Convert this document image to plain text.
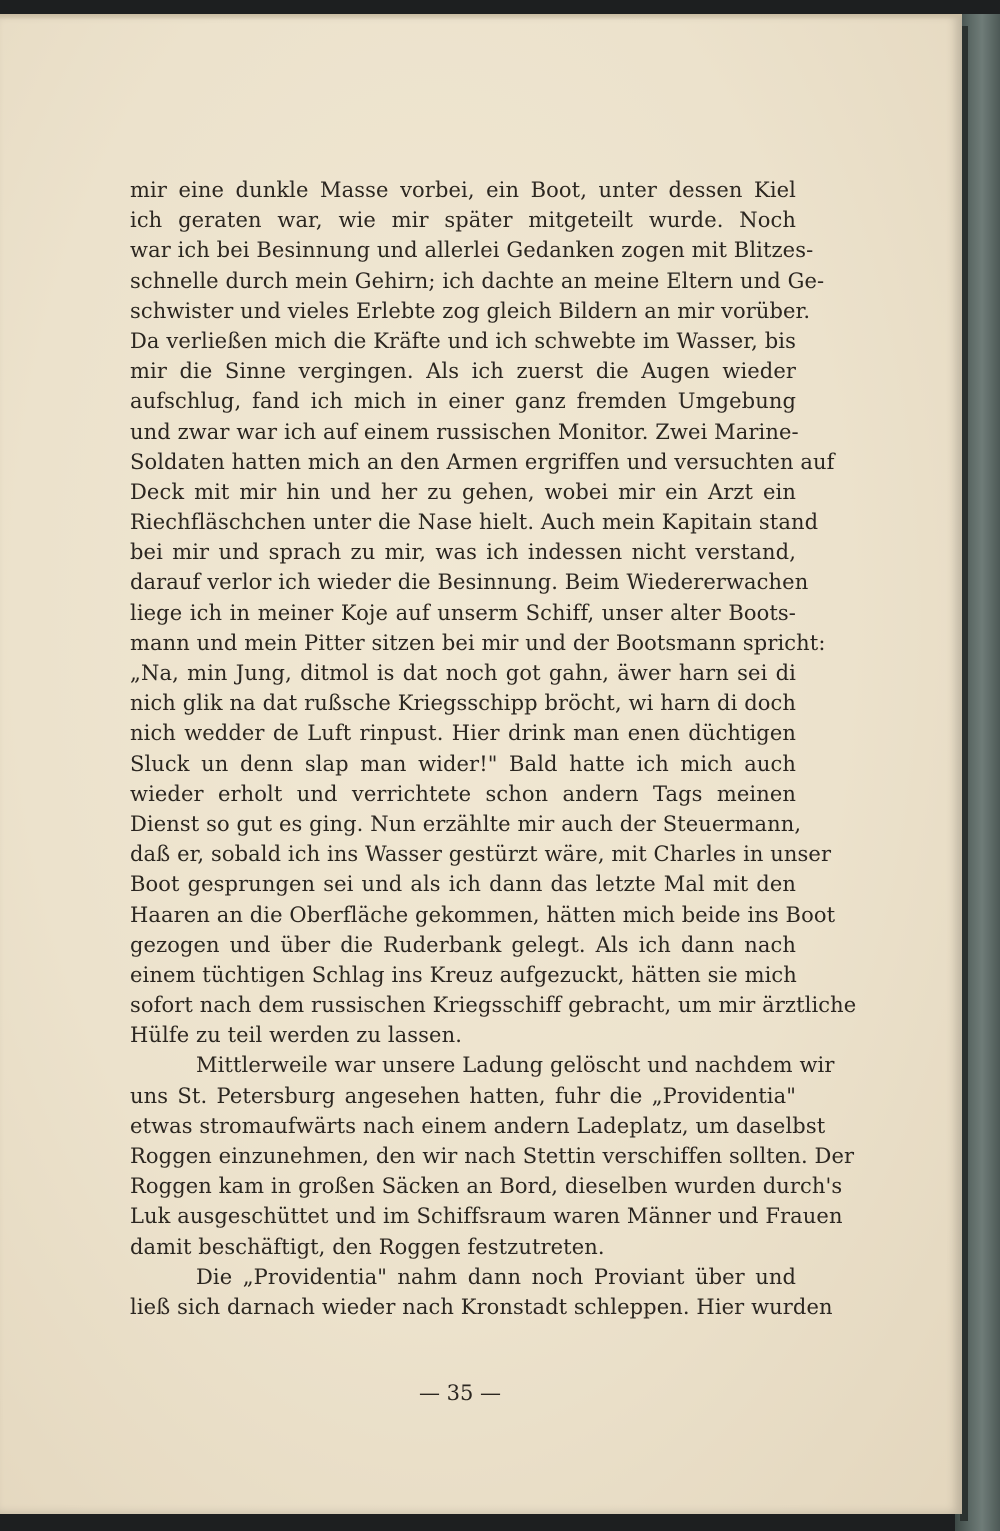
mir eine dunkle Masse vorbei, ein Boot, unter dessen Kiel
ich geraten war, wie mir später mitgeteilt wurde. Noch
war ich bei Besinnung und allerlei Gedanken zogen mit Blitzes-
schnelle durch mein Gehirn; ich dachte an meine Eltern und Ge-
schwister und vieles Erlebte zog gleich Bildern an mir vorüber.
Da verließen mich die Kräfte und ich schwebte im Wasser, bis
mir die Sinne vergingen. Als ich zuerst die Augen wieder
aufschlug, fand ich mich in einer ganz fremden Umgebung
und zwar war ich auf einem russischen Monitor. Zwei Marine-
Soldaten hatten mich an den Armen ergriffen und versuchten auf
Deck mit mir hin und her zu gehen, wobei mir ein Arzt ein
Riechfläschchen unter die Nase hielt. Auch mein Kapitain stand
bei mir und sprach zu mir, was ich indessen nicht verstand,
darauf verlor ich wieder die Besinnung. Beim Wiedererwachen
liege ich in meiner Koje auf unserm Schiff, unser alter Boots-
mann und mein Pitter sitzen bei mir und der Bootsmann spricht:
„Na, min Jung, ditmol is dat noch got gahn, äwer harn sei di
nich glik na dat rußsche Kriegsschipp bröcht, wi harn di doch
nich wedder de Luft rinpust. Hier drink man enen düchtigen
Sluck un denn slap man wider!" Bald hatte ich mich auch
wieder erholt und verrichtete schon andern Tags meinen
Dienst so gut es ging. Nun erzählte mir auch der Steuermann,
daß er, sobald ich ins Wasser gestürzt wäre, mit Charles in unser
Boot gesprungen sei und als ich dann das letzte Mal mit den
Haaren an die Oberfläche gekommen, hätten mich beide ins Boot
gezogen und über die Ruderbank gelegt. Als ich dann nach
einem tüchtigen Schlag ins Kreuz aufgezuckt, hätten sie mich
sofort nach dem russischen Kriegsschiff gebracht, um mir ärztliche
Hülfe zu teil werden zu lassen.
Mittlerweile war unsere Ladung gelöscht und nachdem wir
uns St. Petersburg angesehen hatten, fuhr die „Providentia"
etwas stromaufwärts nach einem andern Ladeplatz, um daselbst
Roggen einzunehmen, den wir nach Stettin verschiffen sollten. Der
Roggen kam in großen Säcken an Bord, dieselben wurden durch's
Luk ausgeschüttet und im Schiffsraum waren Männer und Frauen
damit beschäftigt, den Roggen festzutreten.
Die „Providentia" nahm dann noch Proviant über und
ließ sich darnach wieder nach Kronstadt schleppen. Hier wurden
— 35 —
